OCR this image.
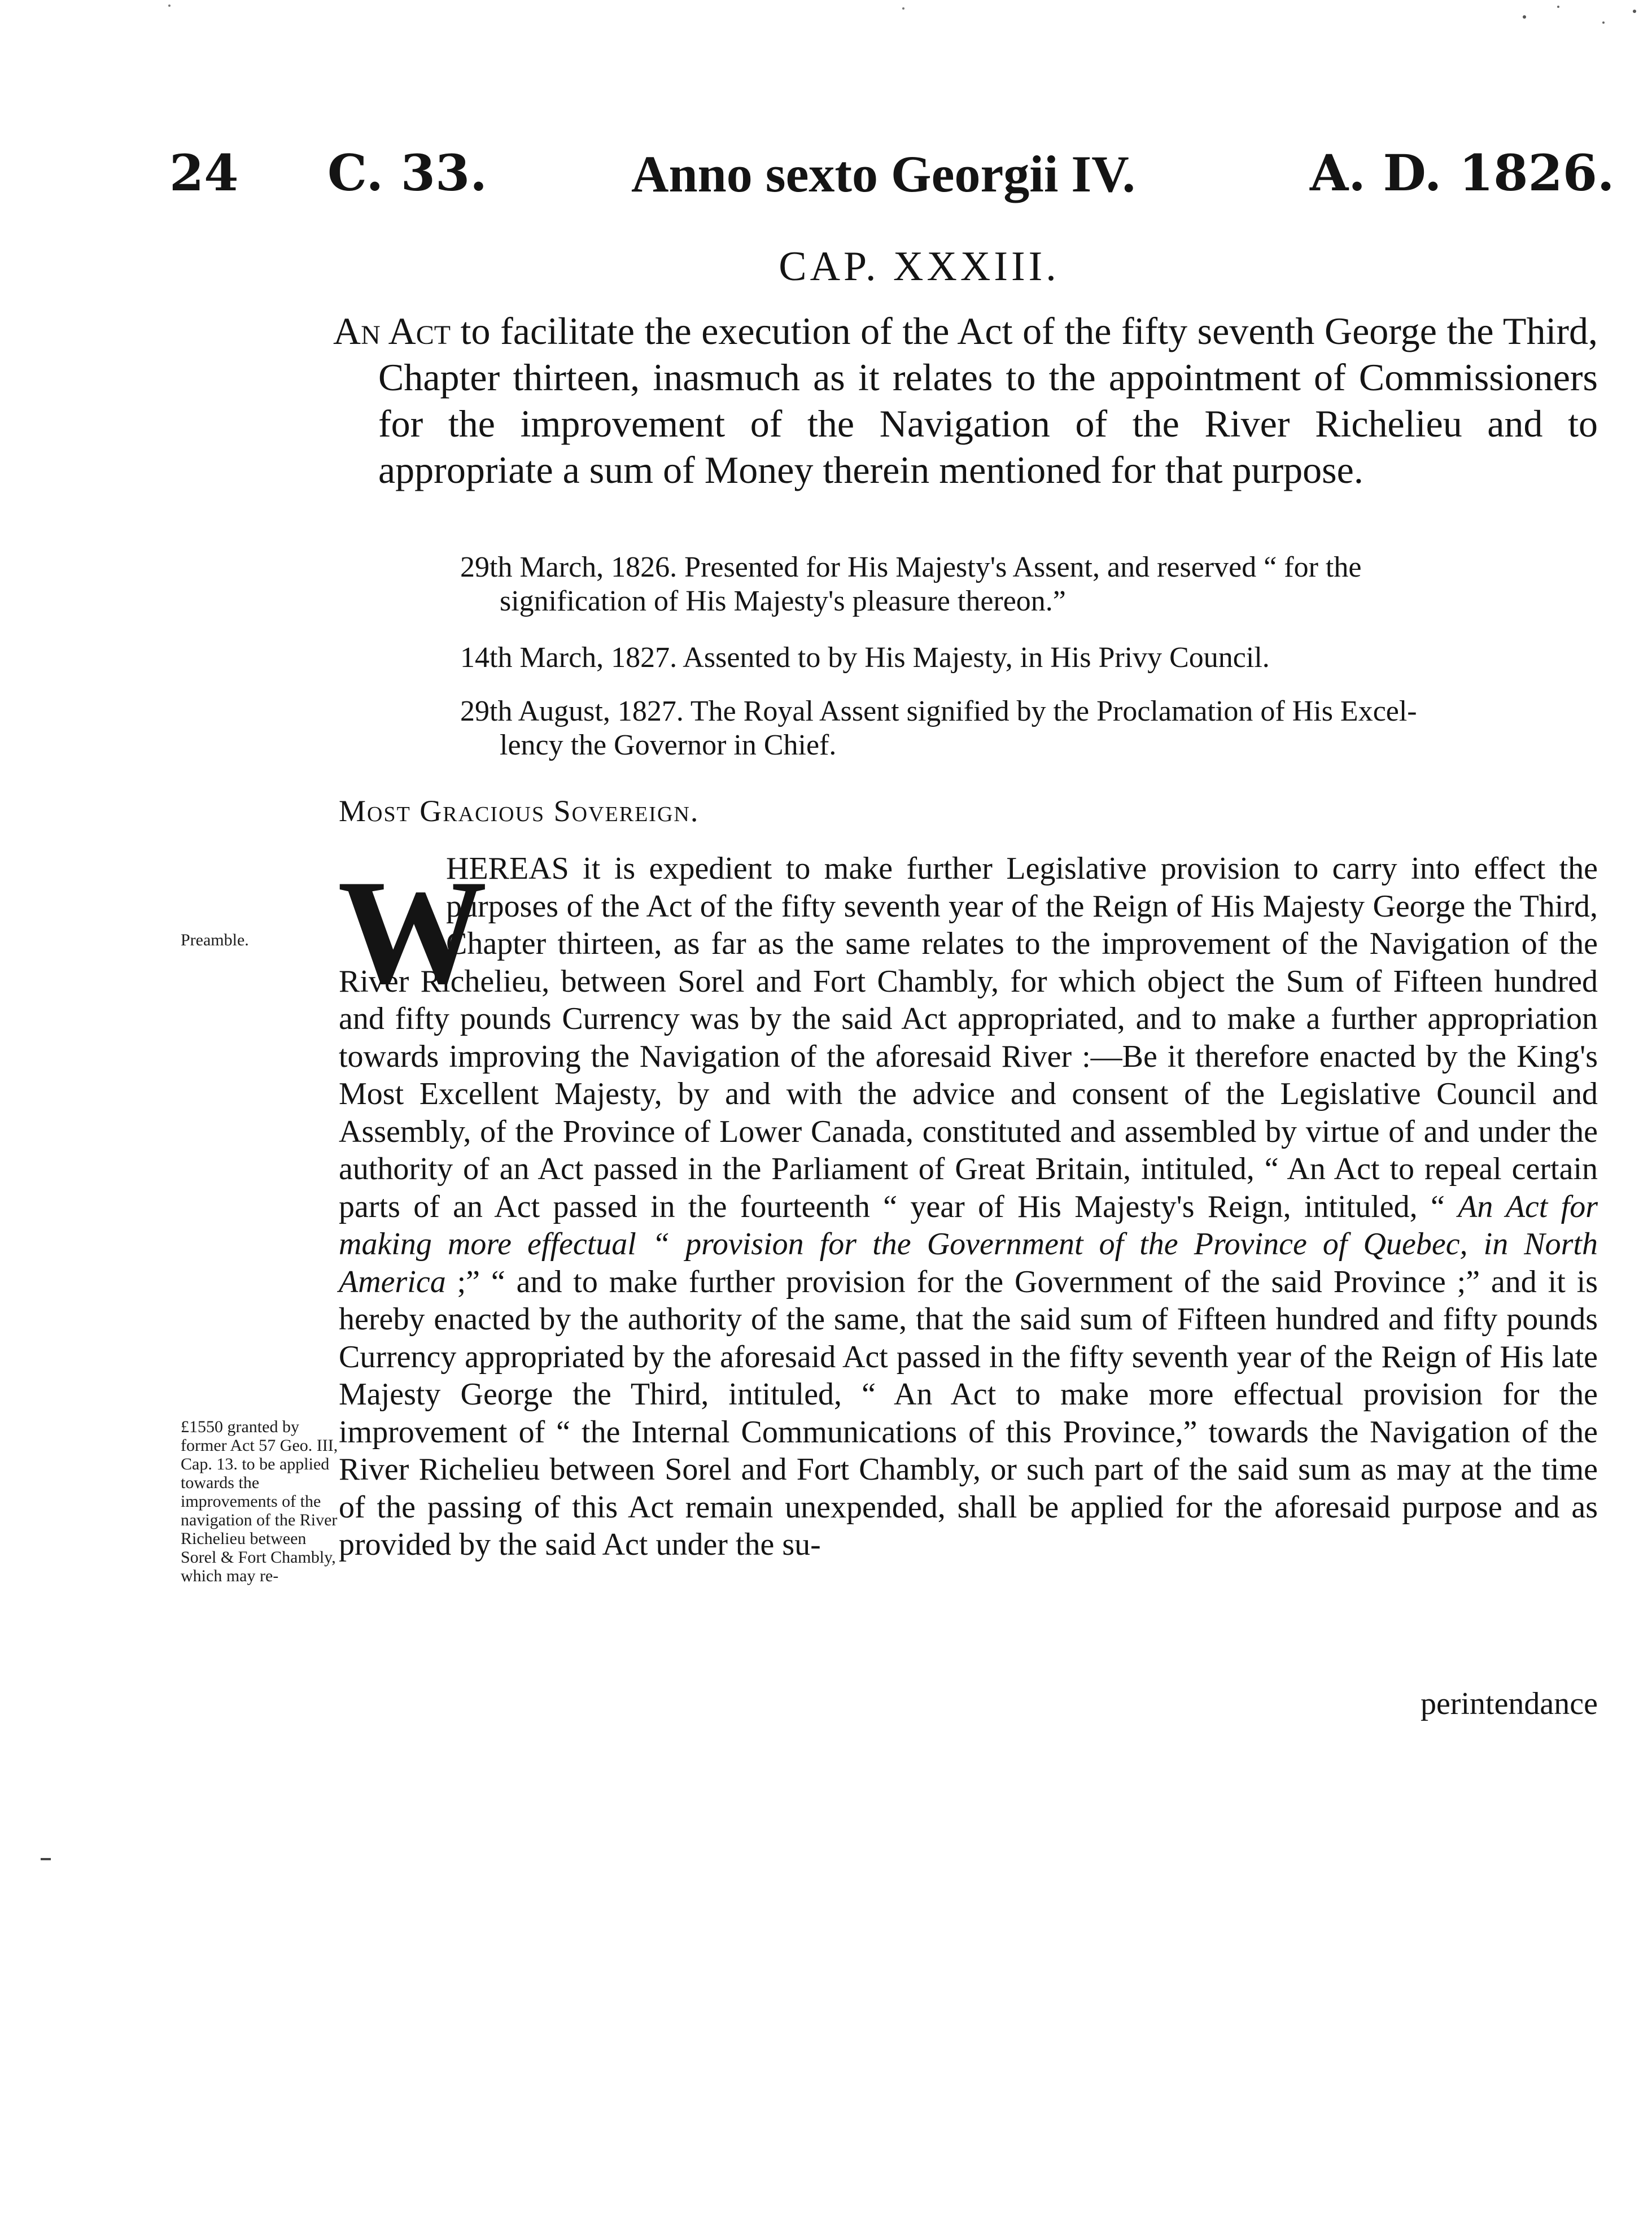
24 C. 33.	Anno sexto Georgii IV.	A. D. 1826.
CAP. XXXIII.
An Act to facilitate the execution of the Act of the fifty seventh George the Third, Chapter thirteen, inasmuch as it relates to the appointment of Commissioners for the improvement of the Navigation of the River Richelieu and to appropriate a sum of Money therein mentioned for that purpose.
29th March, 1826. Presented for His Majesty's Assent, and reserved “ for the
signification of His Majesty's pleasure thereon.”
14th March, 1827. Assented to by His Majesty, in His Privy Council.
29th August, 1827. The Royal Assent signified by the Proclamation of His Excel-
lency the Governor in Chief.
Most Gracious Sovereign.
Preamble.
£1550 granted by former Act 57 Geo. III, Cap. 13. to be applied towards the improvements of the navigation of the River Richelieu between Sorel & Fort Chambly, which may re-

HEREAS it is expedient to make further Legislative provision to carry into effect the purposes of the Act of the fifty seventh year of the Reign of His Majesty George the Third, Chapter thirteen, as far as the same relates to the improvement of the Navigation of the River Richelieu, between Sorel and Fort Chambly, for which object the Sum of Fifteen hundred and fifty pounds Currency was by the said Act appropriated, and to make a further appropriation towards improving the Navigation of the aforesaid River :—Be it therefore enacted by the King's Most Excellent Majesty, by and with the advice and consent of the Legislative Council and Assembly, of the Province of Lower Canada, constituted and assembled by virtue of and under the authority of an Act passed in the Parliament of Great Britain, intituled, “ An Act to repeal certain parts of an Act passed in the fourteenth “ year of His Majesty's Reign, intituled, “ An Act for making more effectual “ provision for the Government of the Province of Quebec, in North America ;” “ and to make further provision for the Government of the said Province ;” and it is hereby enacted by the authority of the same, that the said sum of Fifteen hundred and fifty pounds Currency appropriated by the aforesaid Act passed in the fifty seventh year of the Reign of His late Majesty George the Third, intituled, “ An Act to make more effectual provision for the improvement of “ the Internal Communications of this Province,” towards the Navigation of the River Richelieu between Sorel and Fort Chambly, or such part of the said sum as may at the time of the passing of this Act remain unexpended, shall be applied for the aforesaid purpose and as provided by the said Act under the su-

W
perintendance
